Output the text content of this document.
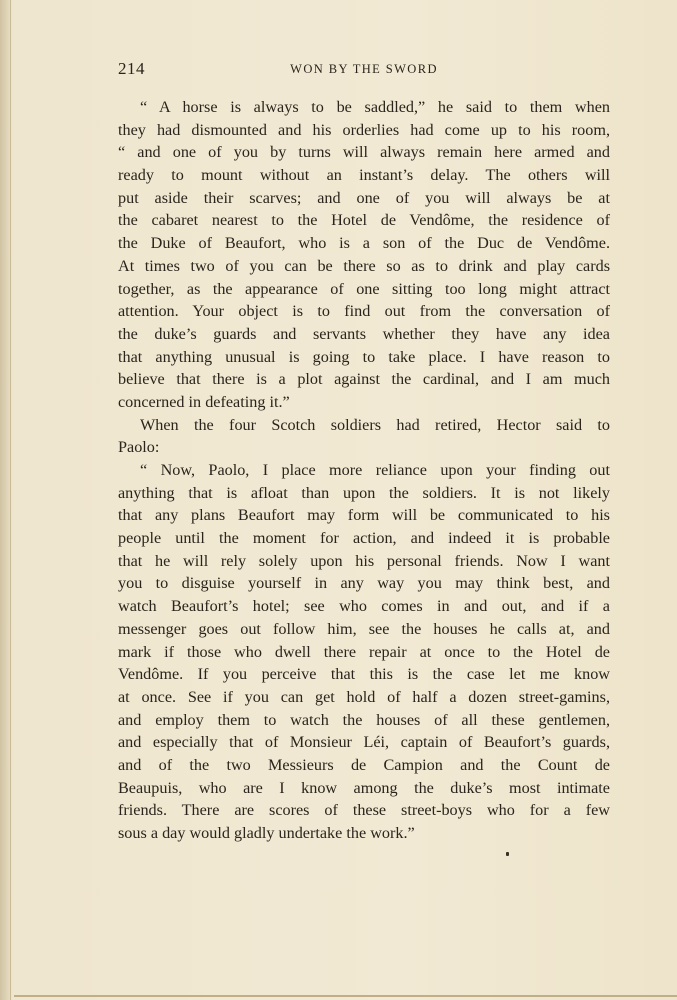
214	WON BY THE SWORD
“ A horse is always to be saddled,” he said to them when
they had dismounted and his orderlies had come up to his room,
“ and one of you by turns will always remain here armed and
ready to mount without an instant’s delay. The others will
put aside their scarves; and one of you will always be at
the cabaret nearest to the Hotel de Vendôme, the residence of
the Duke of Beaufort, who is a son of the Duc de Vendôme.
At times two of you can be there so as to drink and play cards
together, as the appearance of one sitting too long might attract
attention. Your object is to find out from the conversation of
the duke’s guards and servants whether they have any idea
that anything unusual is going to take place. I have reason to
believe that there is a plot against the cardinal, and I am much
concerned in defeating it.”
When the four Scotch soldiers had retired, Hector said to
Paolo:
“ Now, Paolo, I place more reliance upon your finding out
anything that is afloat than upon the soldiers. It is not likely
that any plans Beaufort may form will be communicated to his
people until the moment for action, and indeed it is probable
that he will rely solely upon his personal friends. Now I want
you to disguise yourself in any way you may think best, and
watch Beaufort’s hotel; see who comes in and out, and if a
messenger goes out follow him, see the houses he calls at, and
mark if those who dwell there repair at once to the Hotel de
Vendôme. If you perceive that this is the case let me know
at once. See if you can get hold of half a dozen street-gamins,
and employ them to watch the houses of all these gentlemen,
and especially that of Monsieur Léi, captain of Beaufort’s guards,
and of the two Messieurs de Campion and the Count de
Beaupuis, who are I know among the duke’s most intimate
friends. There are scores of these street-boys who for a few
sous a day would gladly undertake the work.”
